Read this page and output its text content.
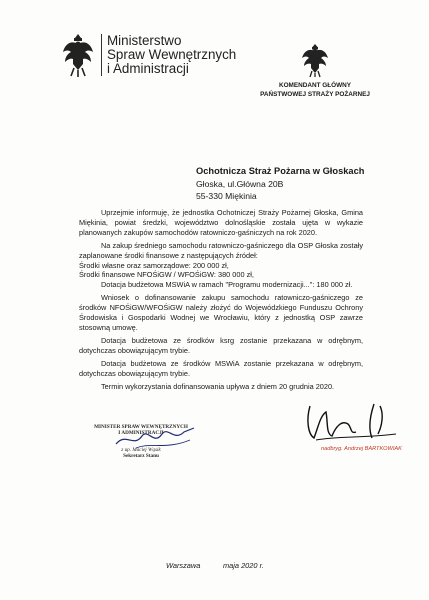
Ministerstwo
Spraw Wewnętrznych
i Administracji
KOMENDANT GŁÓWNY
PAŃSTWOWEJ STRAŻY POŻARNEJ
Ochotnicza Straż Pożarna w Głoskach
Głoska, ul.Główna 20B
55-330 Miękinia

Uprzejmie informuję, że jednostka Ochotniczej Straży Pożarnej Głoska, Gmina Miękinia, powiat średzki, województwo dolnośląskie została ujęta w wykazie planowanych zakupów samochodów ratowniczo-gaśniczych na rok 2020.

Na zakup średniego samochodu ratowniczo-gaśniczego dla OSP Głoska zostały zaplanowane środki finansowe z następujących źródeł:

Środki własne oraz samorządowe: 200 000 zł,

Środki finansowe NFOŚiGW / WFOŚiGW: 380 000 zł,

Dotacja budżetowa MSWiA w ramach "Programu modernizacji...": 180 000 zł.

Wniosek o dofinansowanie zakupu samochodu ratowniczo-gaśniczego ze środków NFOŚiGW/WFOŚiGW należy złożyć do Wojewódzkiego Funduszu Ochrony Środowiska i Gospodarki Wodnej we Wrocławiu, który z jednostką OSP zawrze stosowną umowę.

Dotacja budżetowa ze środków ksrg zostanie przekazana w odrębnym, dotychczas obowiązującym trybie.

Dotacja budżetowa ze środków MSWiA zostanie przekazana w odrębnym, dotychczas obowiązującym trybie.

Termin wykorzystania dofinansowania upływa z dniem 20 grudnia 2020.

MINISTER SPRAW WEWNĘTRZNYCH
I ADMINISTRACJI
z up. Maciej Wąsik
Sekretarz Stanu
nadbryg. Andrzej BARTKOWIAK
Warszawa	maja 2020 r.
